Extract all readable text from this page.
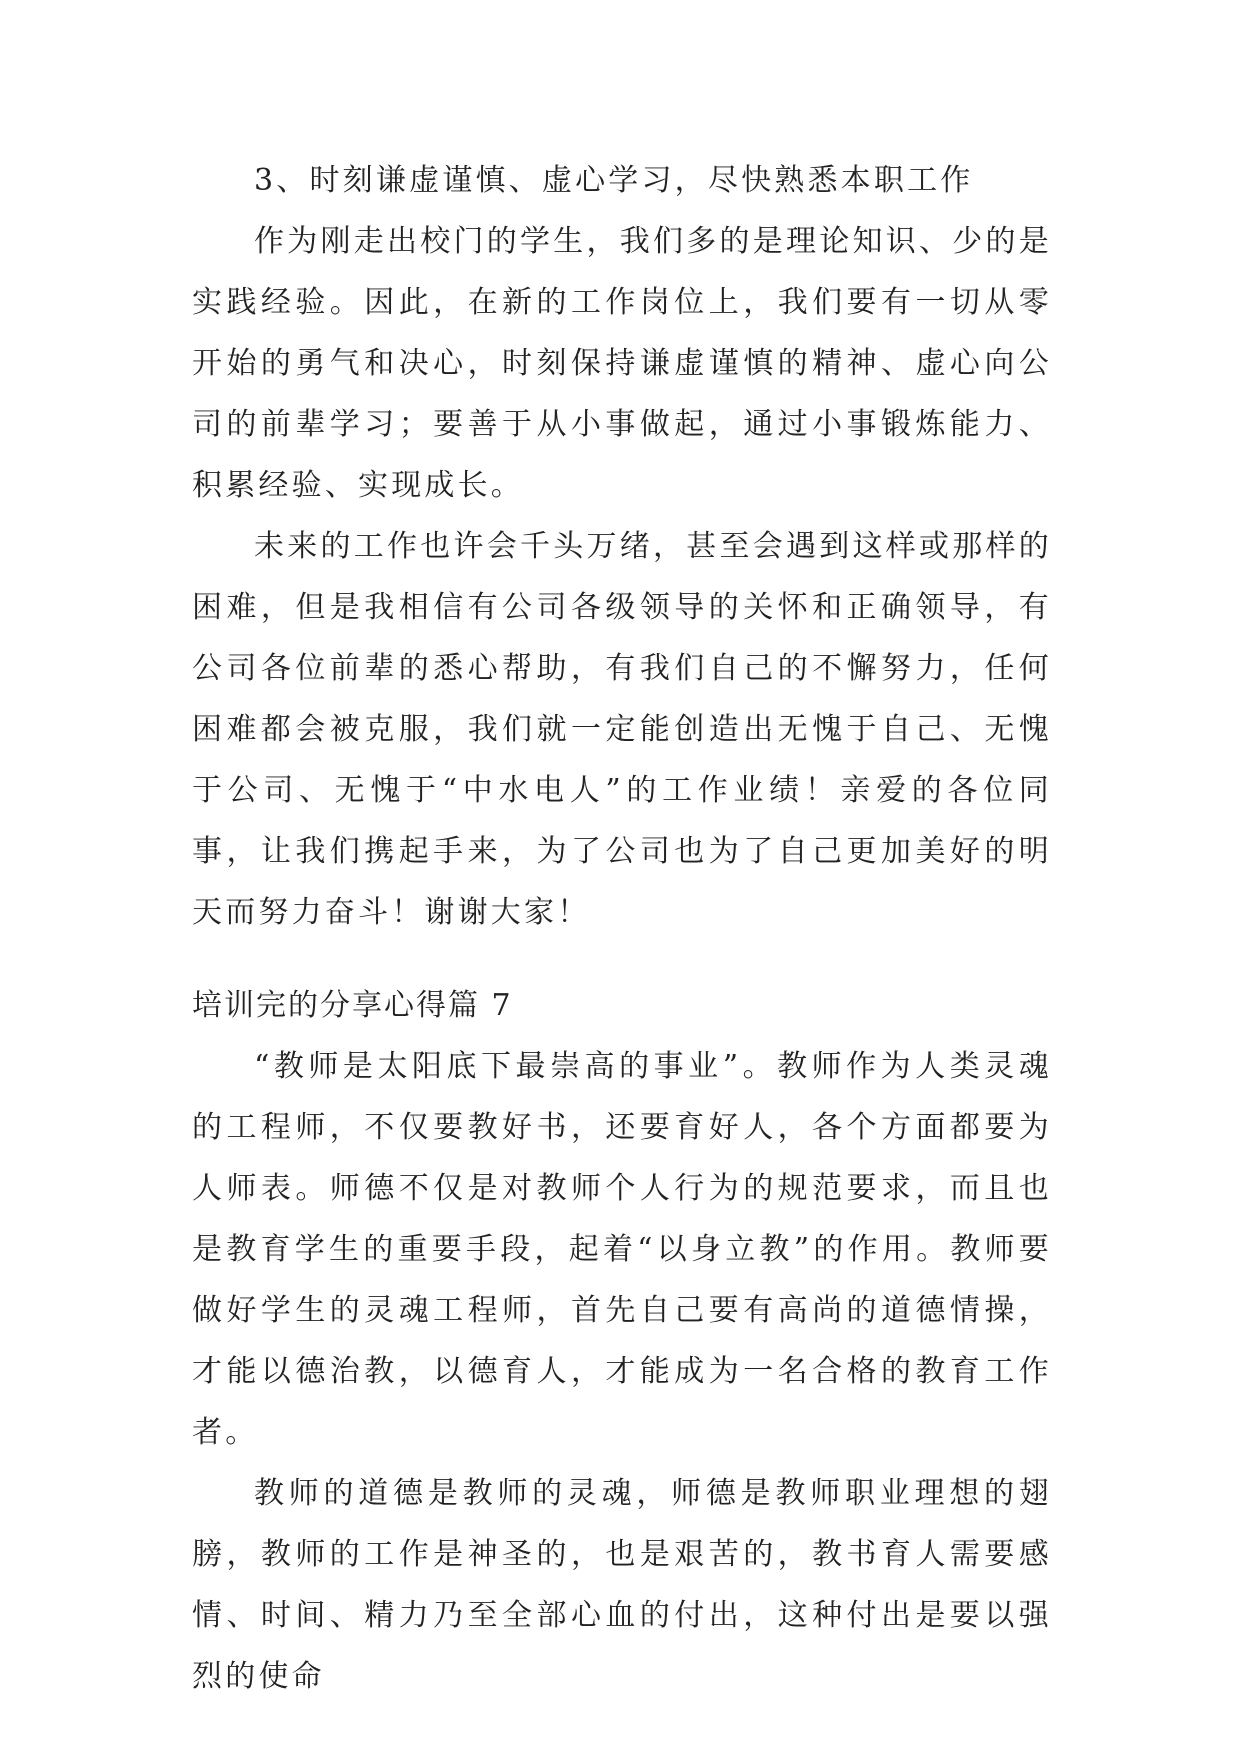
3、时刻谦虚谨慎、虚心学习，尽快熟悉本职工作

作为刚走出校门的学生，我们多的是理论知识、少的是实践经验。因此，在新的工作岗位上，我们要有一切从零开始的勇气和决心，时刻保持谦虚谨慎的精神、虚心向公司的前辈学习；要善于从小事做起，通过小事锻炼能力、积累经验、实现成长。

未来的工作也许会千头万绪，甚至会遇到这样或那样的困难，但是我相信有公司各级领导的关怀和正确领导，有公司各位前辈的悉心帮助，有我们自己的不懈努力，任何困难都会被克服，我们就一定能创造出无愧于自己、无愧于公司、无愧于“中水电人”的工作业绩！亲爱的各位同事，让我们携起手来，为了公司也为了自己更加美好的明天而努力奋斗！谢谢大家！

培训完的分享心得篇 7

“教师是太阳底下最崇高的事业”。教师作为人类灵魂的工程师，不仅要教好书，还要育好人，各个方面都要为人师表。师德不仅是对教师个人行为的规范要求，而且也是教育学生的重要手段，起着“以身立教”的作用。教师要做好学生的灵魂工程师，首先自己要有高尚的道德情操，才能以德治教，以德育人，才能成为一名合格的教育工作者。

教师的道德是教师的灵魂，师德是教师职业理想的翅膀，教师的工作是神圣的，也是艰苦的，教书育人需要感情、时间、精力乃至全部心血的付出，这种付出是要以强烈的使命
